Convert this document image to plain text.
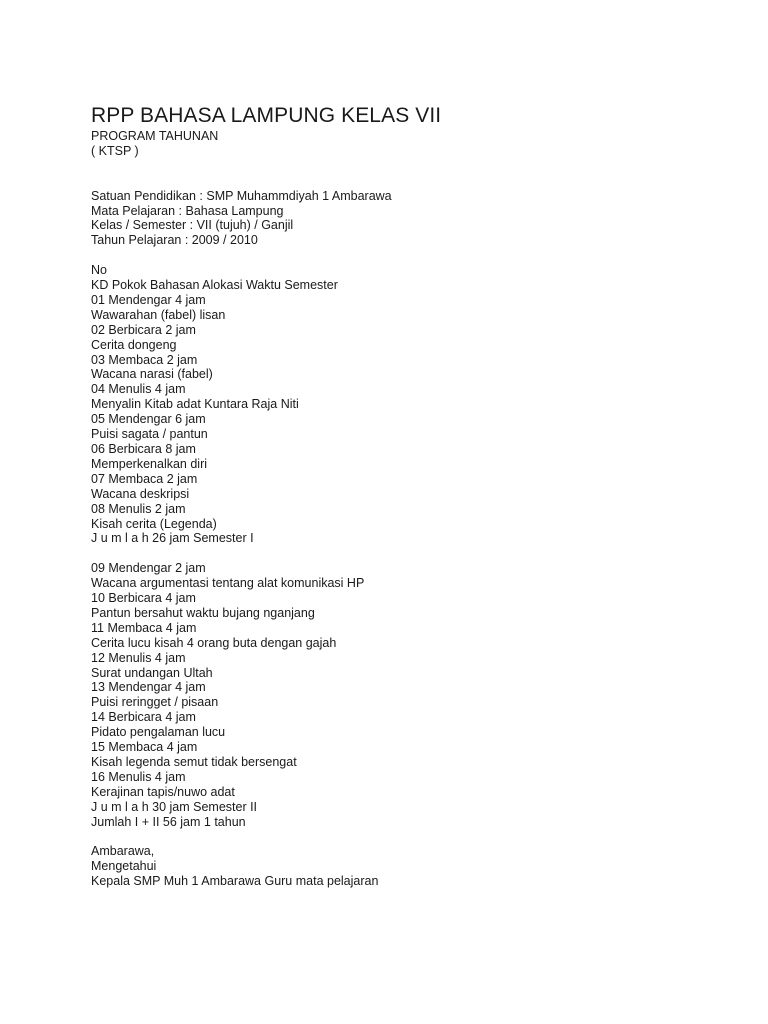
RPP BAHASA LAMPUNG KELAS VII

PROGRAM TAHUNAN

( KTSP )

Satuan Pendidikan : SMP Muhammdiyah 1 Ambarawa

Mata Pelajaran : Bahasa Lampung

Kelas / Semester : VII (tujuh) / Ganjil

Tahun Pelajaran : 2009 / 2010

No

KD Pokok Bahasan Alokasi Waktu Semester

01 Mendengar 4 jam

Wawarahan (fabel) lisan

02 Berbicara 2 jam

Cerita dongeng

03 Membaca 2 jam

Wacana narasi (fabel)

04 Menulis 4 jam

Menyalin Kitab adat Kuntara Raja Niti

05 Mendengar 6 jam

Puisi sagata / pantun

06 Berbicara 8 jam

Memperkenalkan diri

07 Membaca 2 jam

Wacana deskripsi

08 Menulis 2 jam

Kisah cerita (Legenda)

J u m l a h 26 jam Semester I

09 Mendengar 2 jam

Wacana argumentasi tentang alat komunikasi HP

10 Berbicara 4 jam

Pantun bersahut waktu bujang nganjang

11 Membaca 4 jam

Cerita lucu kisah 4 orang buta dengan gajah

12 Menulis 4 jam

Surat undangan Ultah

13 Mendengar 4 jam

Puisi reringget / pisaan

14 Berbicara 4 jam

Pidato pengalaman lucu

15 Membaca 4 jam

Kisah legenda semut tidak bersengat

16 Menulis 4 jam

Kerajinan tapis/nuwo adat

J u m l a h 30 jam Semester II

Jumlah I + II 56 jam 1 tahun

Ambarawa,

Mengetahui

Kepala SMP Muh 1 Ambarawa Guru mata pelajaran
